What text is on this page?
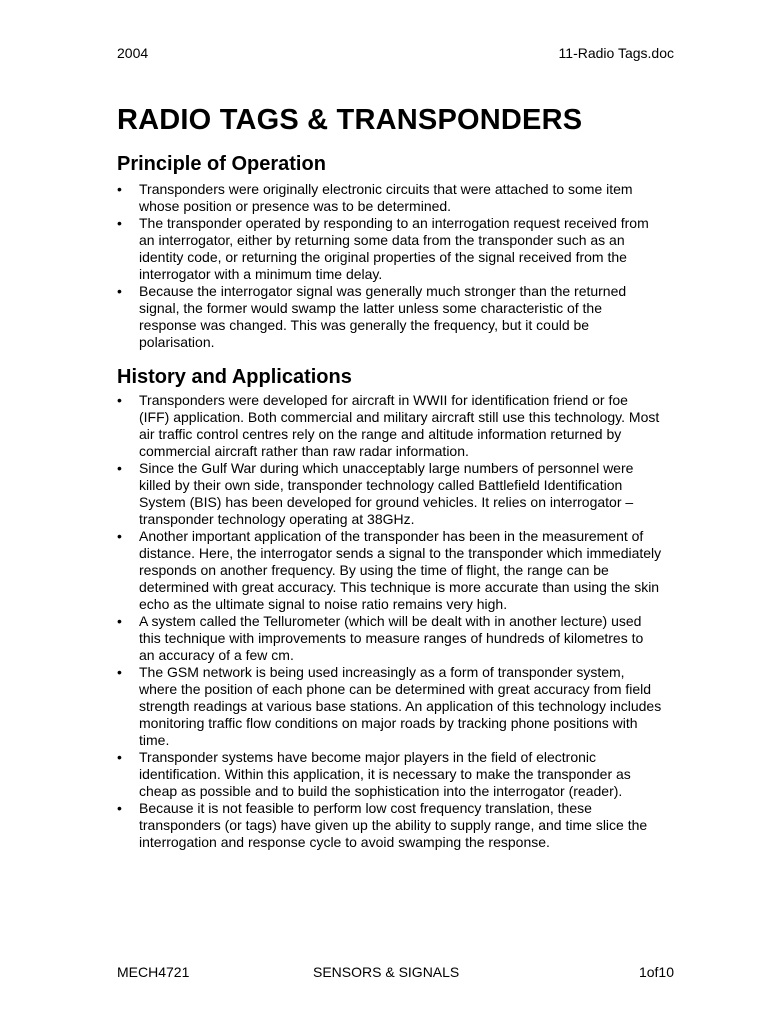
2004	11-Radio Tags.doc
RADIO TAGS & TRANSPONDERS
Principle of Operation
• Transponders were originally electronic circuits that were attached to some item whose position or presence was to be determined.
• The transponder operated by responding to an interrogation request received from an interrogator, either by returning some data from the transponder such as an identity code, or returning the original properties of the signal received from the interrogator with a minimum time delay.
• Because the interrogator signal was generally much stronger than the returned signal, the former would swamp the latter unless some characteristic of the response was changed. This was generally the frequency, but it could be polarisation.
History and Applications
• Transponders were developed for aircraft in WWII for identification friend or foe (IFF) application. Both commercial and military aircraft still use this technology. Most air traffic control centres rely on the range and altitude information returned by commercial aircraft rather than raw radar information.
• Since the Gulf War during which unacceptably large numbers of personnel were killed by their own side, transponder technology called Battlefield Identification System (BIS) has been developed for ground vehicles. It relies on interrogator – transponder technology operating at 38GHz.
• Another important application of the transponder has been in the measurement of distance. Here, the interrogator sends a signal to the transponder which immediately responds on another frequency. By using the time of flight, the range can be determined with great accuracy. This technique is more accurate than using the skin echo as the ultimate signal to noise ratio remains very high.
• A system called the Tellurometer (which will be dealt with in another lecture) used this technique with improvements to measure ranges of hundreds of kilometres to an accuracy of a few cm.
• The GSM network is being used increasingly as a form of transponder system, where the position of each phone can be determined with great accuracy from field strength readings at various base stations. An application of this technology includes monitoring traffic flow conditions on major roads by tracking phone positions with time.
• Transponder systems have become major players in the field of electronic identification. Within this application, it is necessary to make the transponder as cheap as possible and to build the sophistication into the interrogator (reader).
• Because it is not feasible to perform low cost frequency translation, these transponders (or tags) have given up the ability to supply range, and time slice the interrogation and response cycle to avoid swamping the response.
MECH4721	SENSORS & SIGNALS	1of10
